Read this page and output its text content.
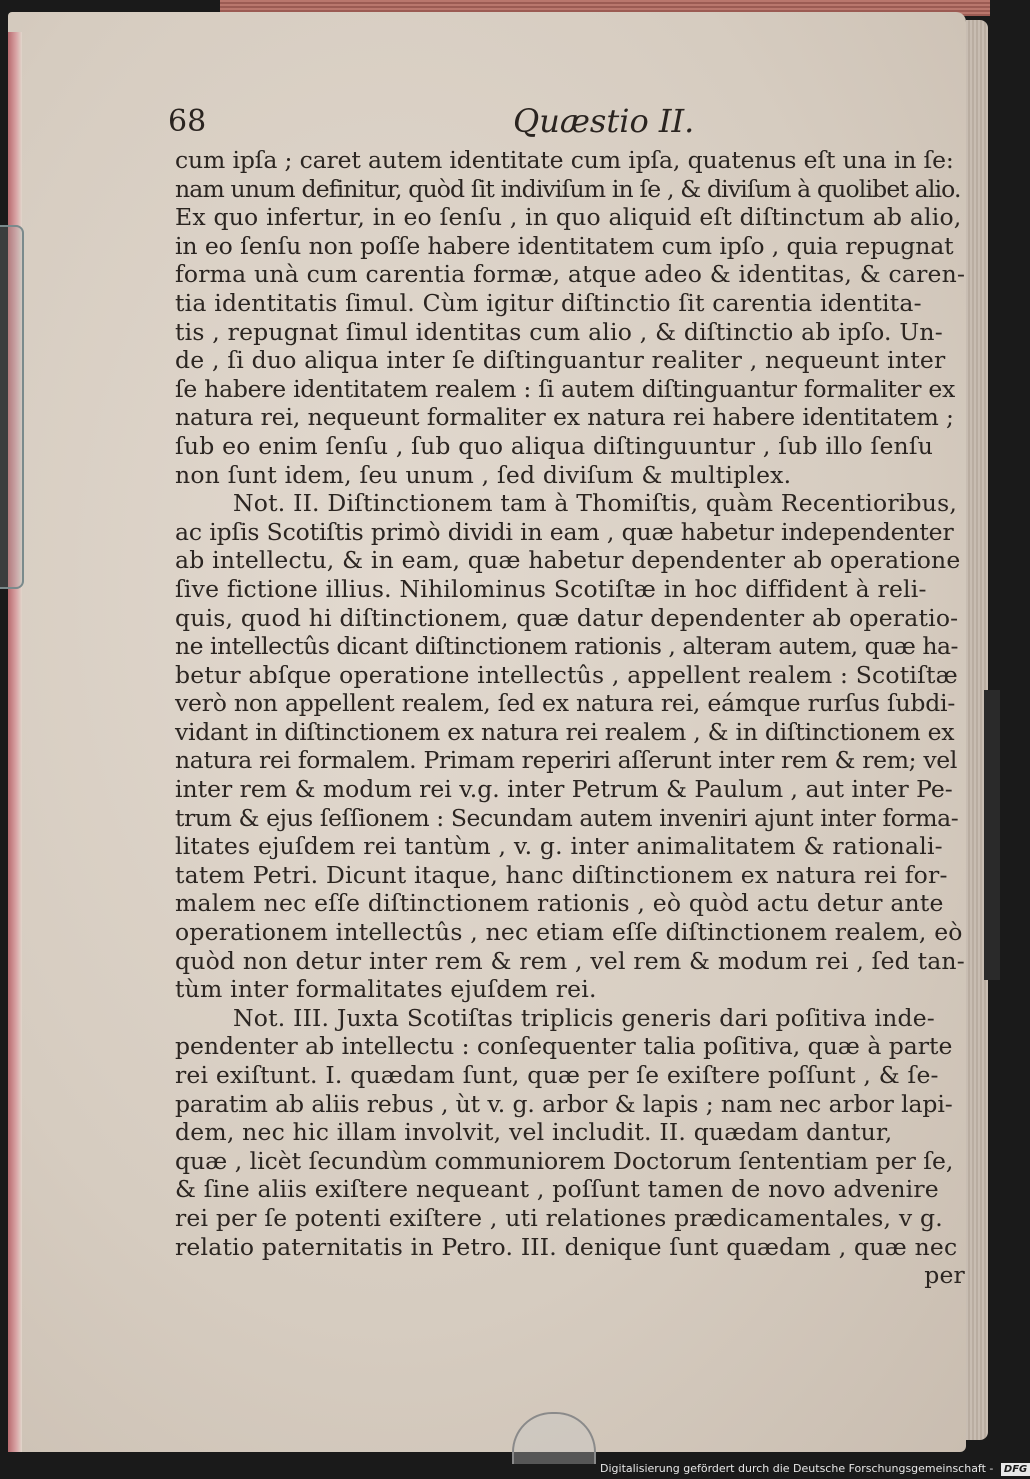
68	Quæstio II.
cum ipſa ; caret autem identitate cum ipſa, quatenus eſt una in ſe:
nam unum definitur, quòd ſit indiviſum in ſe , & diviſum à quolibet alio.
Ex quo infertur, in eo ſenſu , in quo aliquid eſt diſtinctum ab alio,
in eo ſenſu non poſſe habere identitatem cum ipſo , quia repugnat
forma unà cum carentia formæ, atque adeo & identitas, & caren-
tia identitatis ſimul. Cùm igitur diſtinctio ſit carentia identita-
tis , repugnat ſimul identitas cum alio , & diſtinctio ab ipſo. Un-
de , ſi duo aliqua inter ſe diſtinguantur realiter , nequeunt inter
ſe habere identitatem realem : ſi autem diſtinguantur formaliter ex
natura rei, nequeunt formaliter ex natura rei habere identitatem ;
ſub eo enim ſenſu , ſub quo aliqua diſtinguuntur , ſub illo ſenſu
non ſunt idem, ſeu unum , ſed diviſum & multiplex.
Not. II. Diſtinctionem tam à Thomiſtis, quàm Recentioribus,
ac ipſis Scotiſtis primò dividi in eam , quæ habetur independenter
ab intellectu, & in eam, quæ habetur dependenter ab operatione
ſive fictione illius. Nihilominus Scotiſtæ in hoc diffident à reli-
quis, quod hi diſtinctionem, quæ datur dependenter ab operatio-
ne intellectûs dicant diſtinctionem rationis , alteram autem, quæ ha-
betur abſque operatione intellectûs , appellent realem : Scotiſtæ
verò non appellent realem, ſed ex natura rei, eámque rurſus ſubdi-
vidant in diſtinctionem ex natura rei realem , & in diſtinctionem ex
natura rei formalem. Primam reperiri aſſerunt inter rem & rem; vel
inter rem & modum rei v.g. inter Petrum & Paulum , aut inter Pe-
trum & ejus ſeſſionem : Secundam autem inveniri ajunt inter forma-
litates ejuſdem rei tantùm , v. g. inter animalitatem & rationali-
tatem Petri. Dicunt itaque, hanc diſtinctionem ex natura rei for-
malem nec eſſe diſtinctionem rationis , eò quòd actu detur ante
operationem intellectûs , nec etiam eſſe diſtinctionem realem, eò
quòd non detur inter rem & rem , vel rem & modum rei , ſed tan-
tùm inter formalitates ejuſdem rei.
Not. III. Juxta Scotiſtas triplicis generis dari poſitiva inde-
pendenter ab intellectu : conſequenter talia poſitiva, quæ à parte
rei exiſtunt. I. quædam ſunt, quæ per ſe exiſtere poſſunt , & ſe-
paratim ab aliis rebus , ùt v. g. arbor & lapis ; nam nec arbor lapi-
dem, nec hic illam involvit, vel includit. II. quædam dantur,
quæ , licèt ſecundùm communiorem Doctorum ſententiam per ſe,
& ſine aliis exiſtere nequeant , poſſunt tamen de novo advenire
rei per ſe potenti exiſtere , uti relationes prædicamentales, v g.
relatio paternitatis in Petro. III. denique ſunt quædam , quæ nec
per
Digitalisierung gefördert durch die Deutsche Forschungsgemeinschaft - DFG
